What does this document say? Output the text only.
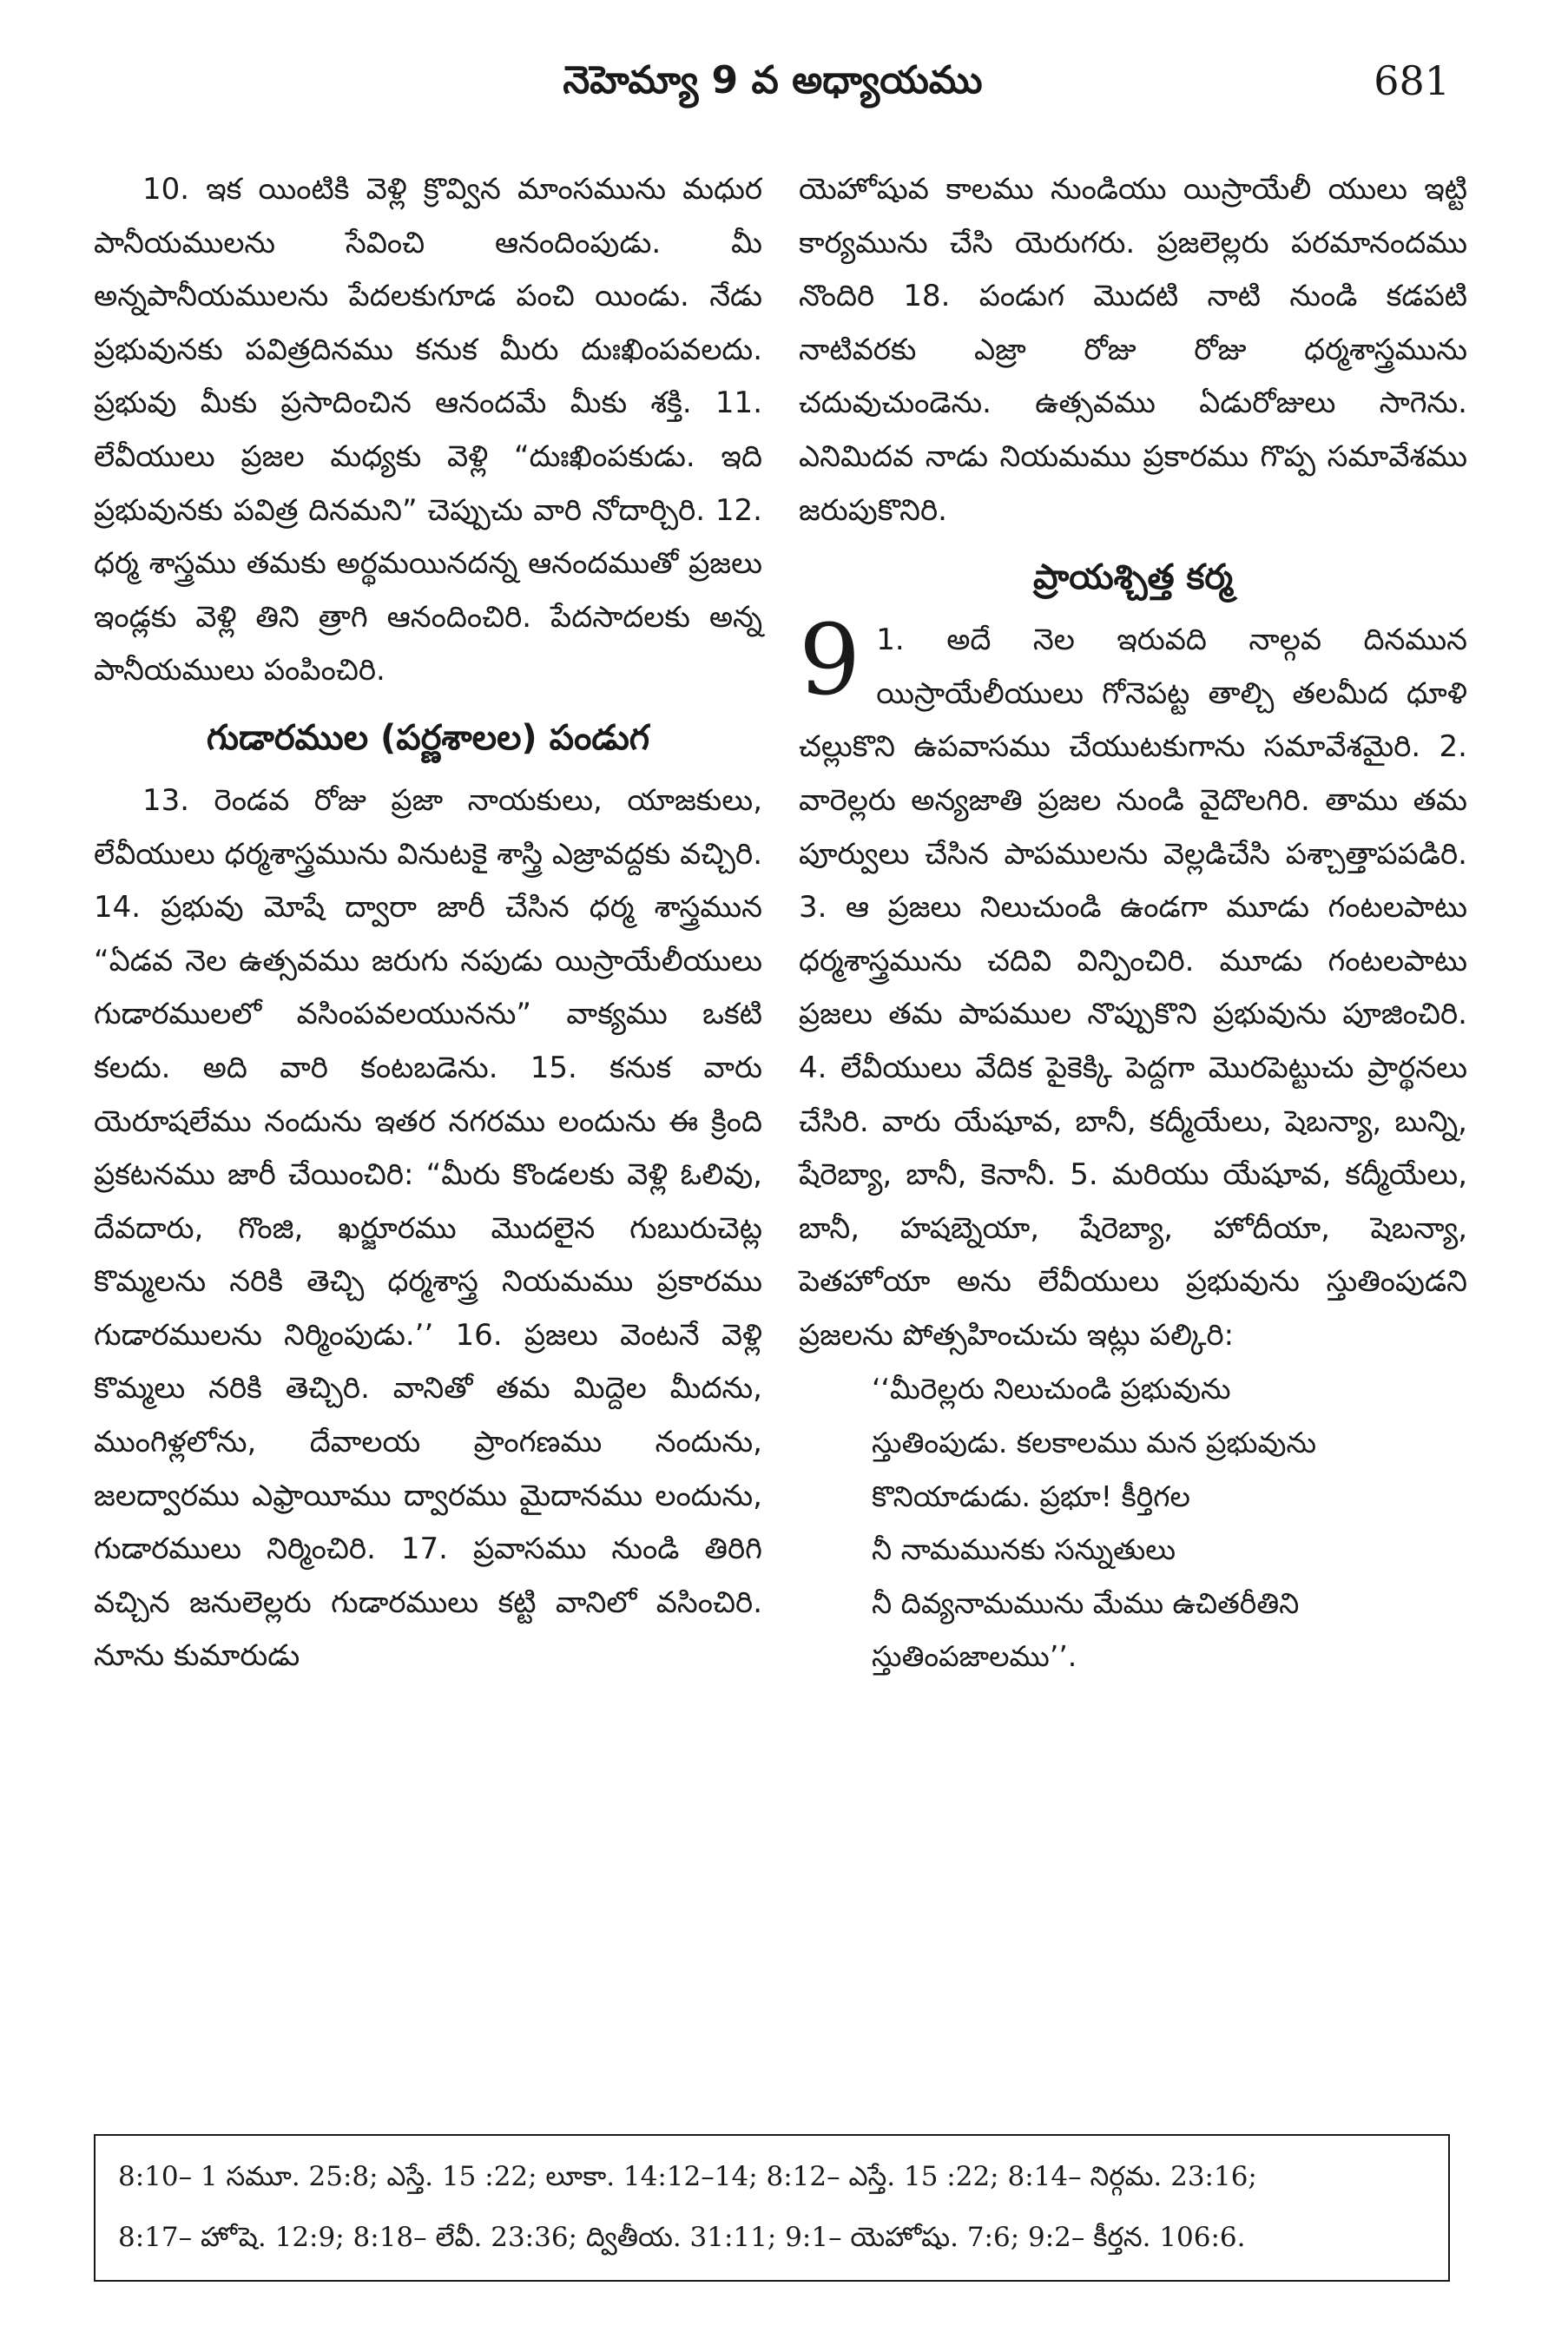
నెహెమ్యా 9 వ అధ్యాయము	681

10. ఇక యింటికి వెళ్లి క్రొవ్విన మాంసమును మధుర పానీయములను సేవించి ఆనందింపుడు. మీ అన్నపానీయములను పేదలకుగూడ పంచి యిండు. నేడు ప్రభువునకు పవిత్రదినము కనుక మీరు దుఃఖింపవలదు. ప్రభువు మీకు ప్రసాదించిన ఆనందమే మీకు శక్తి. 11. లేవీయులు ప్రజల మధ్యకు వెళ్లి “దుఃఖింపకుడు. ఇది ప్రభువునకు పవిత్ర దినమని” చెప్పుచు వారి నోదార్చిరి. 12. ధర్మ శాస్త్రము తమకు అర్థమయినదన్న ఆనందముతో ప్రజలు ఇండ్లకు వెళ్లి తిని త్రాగి ఆనందించిరి. పేదసాదలకు అన్న పానీయములు పంపించిరి.

గుడారముల (పర్ణశాలల) పండుగ

13. రెండవ రోజు ప్రజా నాయకులు, యాజకులు, లేవీయులు ధర్మశాస్త్రమును వినుటకై శాస్త్రి ఎజ్రావద్దకు వచ్చిరి. 14. ప్రభువు మోషే ద్వారా జారీ చేసిన ధర్మ శాస్త్రమున “ఏడవ నెల ఉత్సవము జరుగు నపుడు యిస్రాయేలీయులు గుడారములలో వసింపవలయునను” వాక్యము ఒకటి కలదు. అది వారి కంటబడెను. 15. కనుక వారు యెరూషలేము నందును ఇతర నగరము లందును ఈ క్రింది ప్రకటనము జారీ చేయించిరి: “మీరు కొండలకు వెళ్లి ఓలివు, దేవదారు, గొంజి, ఖర్జూరము మొదలైన గుబురుచెట్ల కొమ్మలను నరికి తెచ్చి ధర్మశాస్త్ర నియమము ప్రకారము గుడారములను నిర్మింపుడు.’’ 16. ప్రజలు వెంటనే వెళ్లి కొమ్మలు నరికి తెచ్చిరి. వానితో తమ మిద్దెల మీదను, ముంగిళ్లలోను, దేవాలయ ప్రాంగణము నందును, జలద్వారము ఎఫ్రాయీము ద్వారము మైదానము లందును, గుడారములు నిర్మించిరి. 17. ప్రవాసము నుండి తిరిగి వచ్చిన జనులెల్లరు గుడారములు కట్టి వానిలో వసించిరి. నూను కుమారుడు

యెహోషువ కాలము నుండియు యిస్రాయేలీ యులు ఇట్టి కార్యమును చేసి యెరుగరు. ప్రజలెల్లరు పరమానందము నొందిరి 18. పండుగ మొదటి నాటి నుండి కడపటి నాటివరకు ఎజ్రా రోజు రోజు ధర్మశాస్త్రమును చదువుచుండెను. ఉత్సవము ఏడురోజులు సాగెను. ఎనిమిదవ నాడు నియమము ప్రకారము గొప్ప సమావేశము జరుపుకొనిరి.

ప్రాయశ్చిత్త కర్మ
9 1. అదే నెల ఇరువది నాల్గవ దినమున యిస్రాయేలీయులు గోనెపట్ట తాల్చి తలమీద ధూళి చల్లుకొని ఉపవాసము చేయుటకుగాను సమావేశమైరి. 2. వారెల్లరు అన్యజాతి ప్రజల నుండి వైదొలగిరి. తాము తమ పూర్వులు చేసిన పాపములను వెల్లడిచేసి పశ్చాత్తాపపడిరి. 3. ఆ ప్రజలు నిలుచుండి ఉండగా మూడు గంటలపాటు ధర్మశాస్త్రమును చదివి విన్పించిరి. మూడు గంటలపాటు ప్రజలు తమ పాపముల నొప్పుకొని ప్రభువును పూజించిరి. 4. లేవీయులు వేదిక పైకెక్కి పెద్దగా మొరపెట్టుచు ప్రార్థనలు చేసిరి. వారు యేషూవ, బానీ, కద్మీయేలు, షెబన్యా, బున్ని, షేరెబ్యా, బానీ, కెనానీ. 5. మరియు యేషూవ, కద్మీయేలు, బానీ, హషబ్నెయా, షేరెబ్యా, హోదీయా, షెబన్యా, పెతహోయా అను లేవీయులు ప్రభువును స్తుతింపుడని ప్రజలను పోత్సహించుచు ఇట్లు పల్కిరి:

‘‘మీరెల్లరు నిలుచుండి ప్రభువును
స్తుతింపుడు. కలకాలము మన ప్రభువును
కొనియాడుడు. ప్రభూ! కీర్తిగల
నీ నామమునకు సన్నుతులు
నీ దివ్యనామమును మేము ఉచితరీతిని
స్తుతింపజాలము’’.

8:10– 1 సమూ. 25:8; ఎస్తే. 15 :22; లూకా. 14:12–14; 8:12– ఎస్తే. 15 :22; 8:14– నిర్గమ. 23:16;

8:17– హోషె. 12:9; 8:18– లేవీ. 23:36; ద్వితీయ. 31:11; 9:1– యెహోషు. 7:6; 9:2– కీర్తన. 106:6.
